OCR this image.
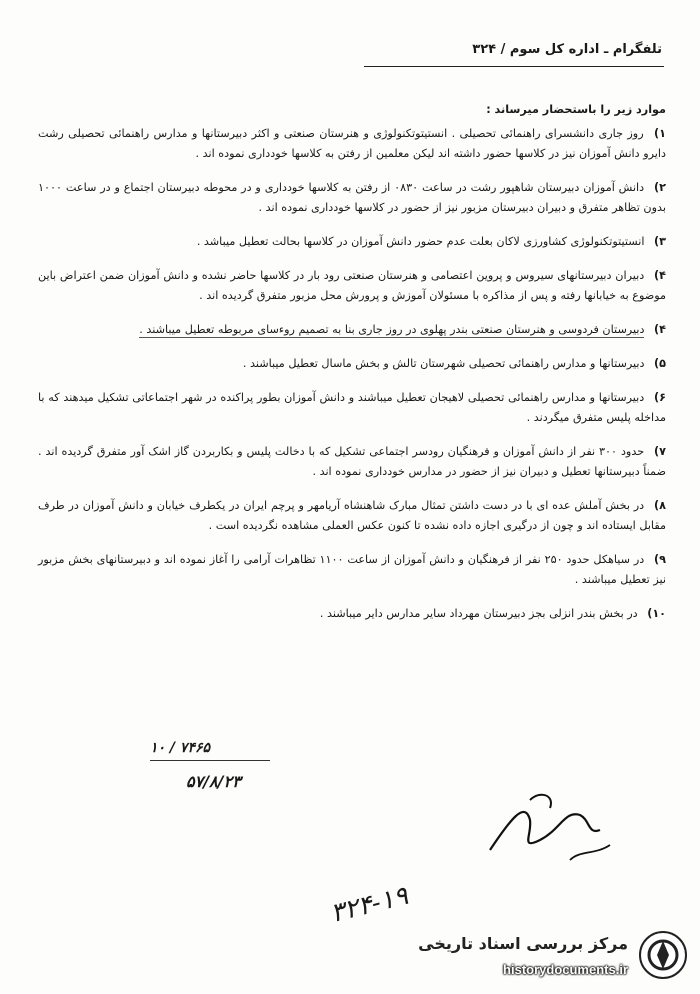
تلفگرام ـ اداره کل سوم / ۳۲۴

موارد زیر را باستحضار میرساند :

۱) روز جاری دانشسرای راهنمائی تحصیلی . انستیتوتکنولوژی و هنرستان صنعتی و اکثر دبیرستانها و مدارس راهنمائی تحصیلی رشت دایرو دانش آموزان نیز در کلاسها حضور داشته اند لیکن معلمین از رفتن به کلاسها خودداری نموده اند .

۲) دانش آموزان دبیرستان شاهپور رشت در ساعت ۰۸۳۰ از رفتن به کلاسها خودداری و در محوطه دبیرستان اجتماع و در ساعت ۱۰۰۰ بدون تظاهر متفرق و دبیران دبیرستان مزبور نیز از حضور در کلاسها خودداری نموده اند .

۳) انستیتوتکنولوژی کشاورزی لاکان بعلت عدم حضور دانش آموزان در کلاسها بحالت تعطیل میباشد .

۴) دبیران دبیرستانهای سیروس و پروین اعتصامی و هنرستان صنعتی رود بار در کلاسها حاضر نشده و دانش آموزان ضمن اعتراض باین موضوع به خیابانها رفته و پس از مذاکره با مسئولان آموزش و پرورش محل مزبور متفرق گردیده اند .

۴) دبیرستان فردوسی و هنرستان صنعتی بندر پهلوی در روز جاری بنا به تصمیم روءسای مربوطه تعطیل میباشند .

۵) دبیرستانها و مدارس راهنمائی تحصیلی شهرستان تالش و بخش ماسال تعطیل میباشند .

۶) دبیرستانها و مدارس راهنمائی تحصیلی لاهیجان تعطیل میباشند و دانش آموزان بطور پراکنده در شهر اجتماعاتی تشکیل میدهند که با مداخله پلیس متفرق میگردند .

۷) حدود ۳۰۰ نفر از دانش آموزان و فرهنگیان رودسر اجتماعی تشکیل که با دخالت پلیس و بکاربردن گاز اشک آور متفرق گردیده اند . ضمناً دبیرستانها تعطیل و دبیران نیز از حضور در مدارس خودداری نموده اند .

۸) در بخش آملش عده ای با در دست داشتن تمثال مبارک شاهنشاه آریامهر و پرچم ایران در یکطرف خیابان و دانش آموزان در طرف مقابل ایستاده اند و چون از درگیری اجازه داده نشده تا کنون عکس العملی مشاهده نگردیده است .

۹) در سیاهکل حدود ۲۵۰ نفر از فرهنگیان و دانش آموزان از ساعت ۱۱۰۰ تظاهرات آرامی را آغاز نموده اند و دبیرستانهای بخش مزبور نیز تعطیل میباشند .

۱۰) در بخش بندر انزلی بجز دبیرستان مهرداد سایر مدارس دایر میباشند .

۷۴۶۵ / ۱۰
۵۷/۸/۲۳
۳۲۴-۱۹
مرکز بررسی اسناد تاریخی
historydocuments.ir
